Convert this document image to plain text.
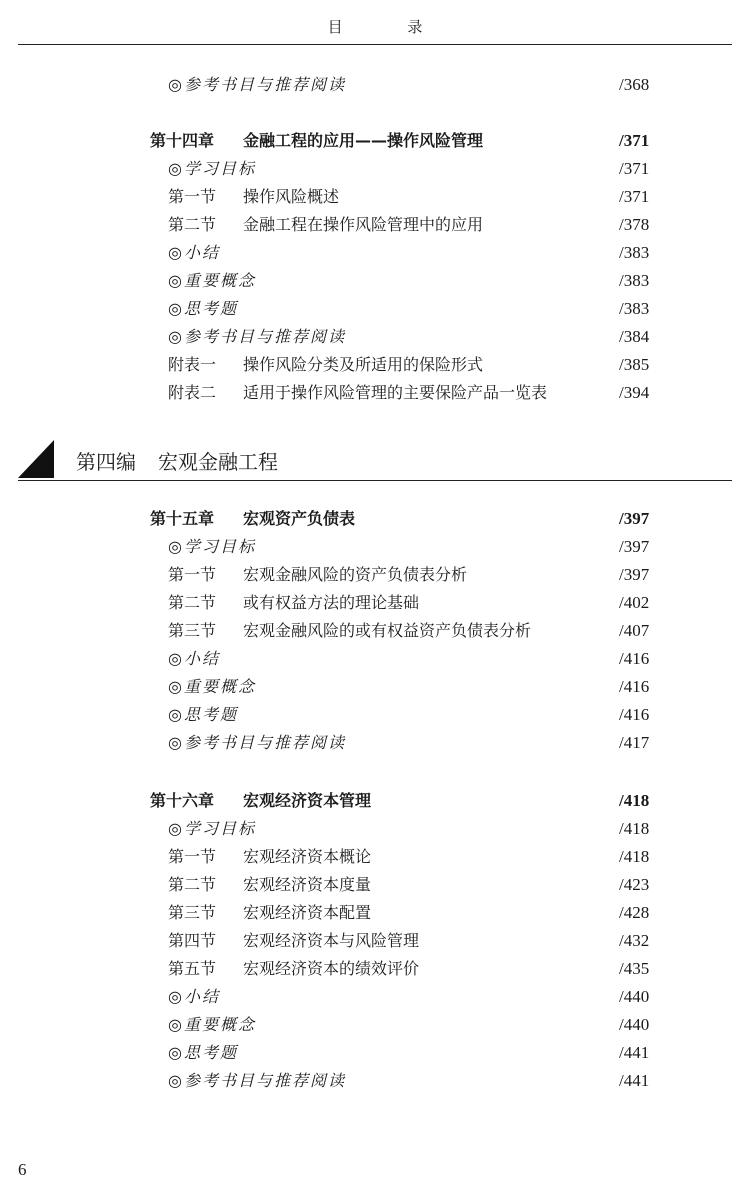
目 录
◎参考书目与推荐阅读	/368
第十四章 金融工程的应用——操作风险管理	/371
◎学习目标	/371
第一节 操作风险概述	/371
第二节 金融工程在操作风险管理中的应用	/378
◎小结	/383
◎重要概念	/383
◎思考题	/383
◎参考书目与推荐阅读	/384
附表一 操作风险分类及所适用的保险形式	/385
附表二 适用于操作风险管理的主要保险产品一览表	/394
第十五章 宏观资产负债表	/397
◎学习目标	/397
第一节 宏观金融风险的资产负债表分析	/397
第二节 或有权益方法的理论基础	/402
第三节 宏观金融风险的或有权益资产负债表分析	/407
◎小结	/416
◎重要概念	/416
◎思考题	/416
◎参考书目与推荐阅读	/417
第十六章 宏观经济资本管理	/418
◎学习目标	/418
第一节 宏观经济资本概论	/418
第二节 宏观经济资本度量	/423
第三节 宏观经济资本配置	/428
第四节 宏观经济资本与风险管理	/432
第五节 宏观经济资本的绩效评价	/435
◎小结	/440
◎重要概念	/440
◎思考题	/441
◎参考书目与推荐阅读	/441
第四编 宏观金融工程
6
